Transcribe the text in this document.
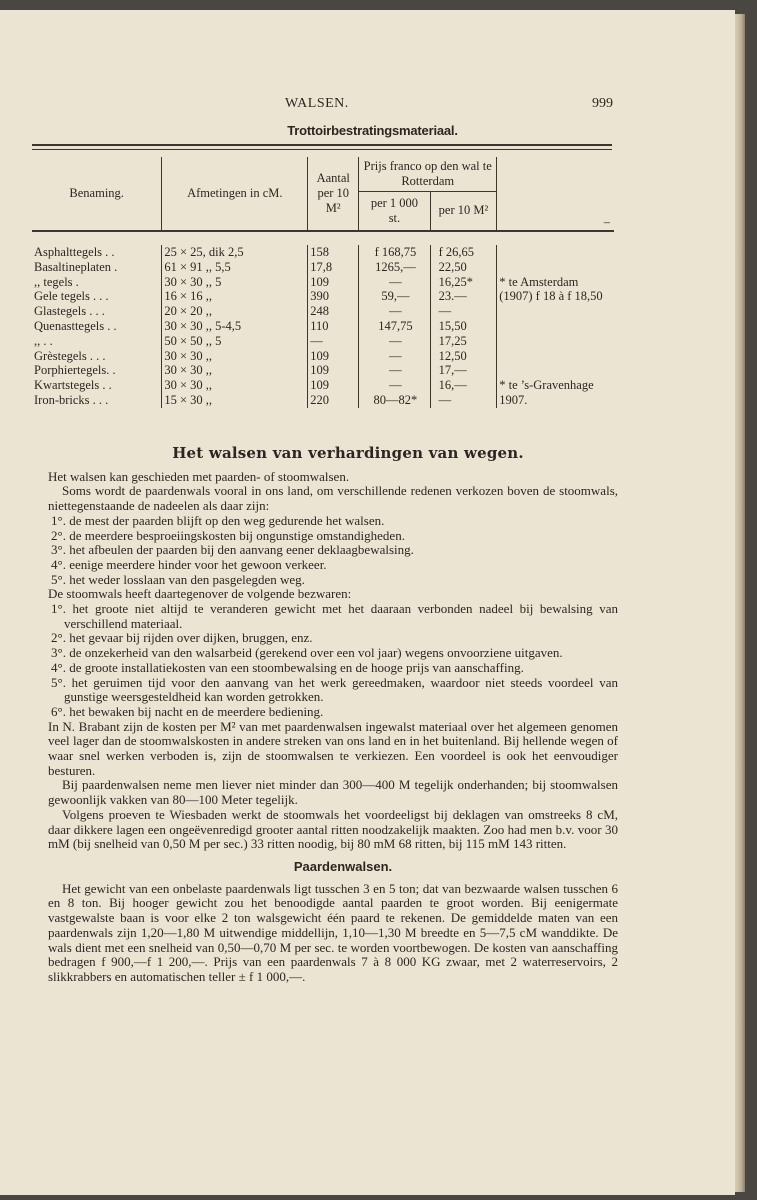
WALSEN.	999
Trottoirbestratingsmateriaal.
Benaming.	Afmetingen in cM.	Aantal per 10 M²	Prijs franco op den wal te Rotterdam		–
			per 1 000 st.	per 10 M²	

Asphalttegels . .	25 × 25, dik 2,5	158	f 168,75	f 26,65	
Basaltineplaten .	61 × 91 ,, 5,5	17,8	1265,—	22,50	
,, tegels .	30 × 30 ,, 5	109	—	16,25*	* te Amsterdam
Gele tegels . . .	16 × 16 ,,	390	59,—	23.—	(1907) f 18 à f 18,50
Glastegels . . .	20 × 20 ,,	248	—	—	
Quenasttegels . .	30 × 30 ,, 5-4,5	110	147,75	15,50	
,, . .	50 × 50 ,, 5	—	—	17,25	
Grèstegels . . .	30 × 30 ,,	109	—	12,50	
Porphiertegels. .	30 × 30 ,,	109	—	17,—	
Kwartstegels . .	30 × 30 ,,	109	—	16,—	* te ’s-Gravenhage
Iron-bricks . . .	15 × 30 ,,	220	80—82*	—	1907.
Het walsen van verhardingen van wegen.

Het walsen kan geschieden met paarden- of stoomwalsen.

Soms wordt de paardenwals vooral in ons land, om verschillende redenen verkozen boven de stoomwals, niettegenstaande de nadeelen als daar zijn:

1°. de mest der paarden blijft op den weg gedurende het walsen.

2°. de meerdere besproeiingskosten bij ongunstige omstandigheden.

3°. het afbeulen der paarden bij den aanvang eener deklaagbewalsing.

4°. eenige meerdere hinder voor het gewoon verkeer.

5°. het weder losslaan van den pasgelegden weg.

De stoomwals heeft daartegenover de volgende bezwaren:

1°. het groote niet altijd te veranderen gewicht met het daaraan verbonden nadeel bij bewalsing van verschillend materiaal.

2°. het gevaar bij rijden over dijken, bruggen, enz.

3°. de onzekerheid van den walsarbeid (gerekend over een vol jaar) wegens onvoorziene uitgaven.

4°. de groote installatiekosten van een stoombewalsing en de hooge prijs van aanschaffing.

5°. het geruimen tijd voor den aanvang van het werk gereedmaken, waardoor niet steeds voordeel van gunstige weersgesteldheid kan worden getrokken.

6°. het bewaken bij nacht en de meerdere bediening.

In N. Brabant zijn de kosten per M² van met paardenwalsen ingewalst materiaal over het algemeen genomen veel lager dan de stoomwalskosten in andere streken van ons land en in het buitenland. Bij hellende wegen of waar snel werken verboden is, zijn de stoomwalsen te verkiezen. Een voordeel is ook het eenvoudiger besturen.

Bij paardenwalsen neme men liever niet minder dan 300—400 M tegelijk onderhanden; bij stoomwalsen gewoonlijk vakken van 80—100 Meter tegelijk.

Volgens proeven te Wiesbaden werkt de stoomwals het voordeeligst bij deklagen van omstreeks 8 cM, daar dikkere lagen een ongeëvenredigd grooter aantal ritten noodzakelijk maakten. Zoo had men b.v. voor 30 mM (bij snelheid van 0,50 M per sec.) 33 ritten noodig, bij 80 mM 68 ritten, bij 115 mM 143 ritten.

Paardenwalsen.

Het gewicht van een onbelaste paardenwals ligt tusschen 3 en 5 ton; dat van bezwaarde walsen tusschen 6 en 8 ton. Bij hooger gewicht zou het benoodigde aantal paarden te groot worden. Bij eenigermate vastgewalste baan is voor elke 2 ton walsgewicht één paard te rekenen. De gemiddelde maten van een paardenwals zijn 1,20—1,80 M uitwendige middellijn, 1,10—1,30 M breedte en 5—7,5 cM wanddikte. De wals dient met een snelheid van 0,50—0,70 M per sec. te worden voortbewogen. De kosten van aanschaffing bedragen f 900,—f 1 200,—. Prijs van een paardenwals 7 à 8 000 KG zwaar, met 2 waterreservoirs, 2 slikkrabbers en automatischen teller ± f 1 000,—.
